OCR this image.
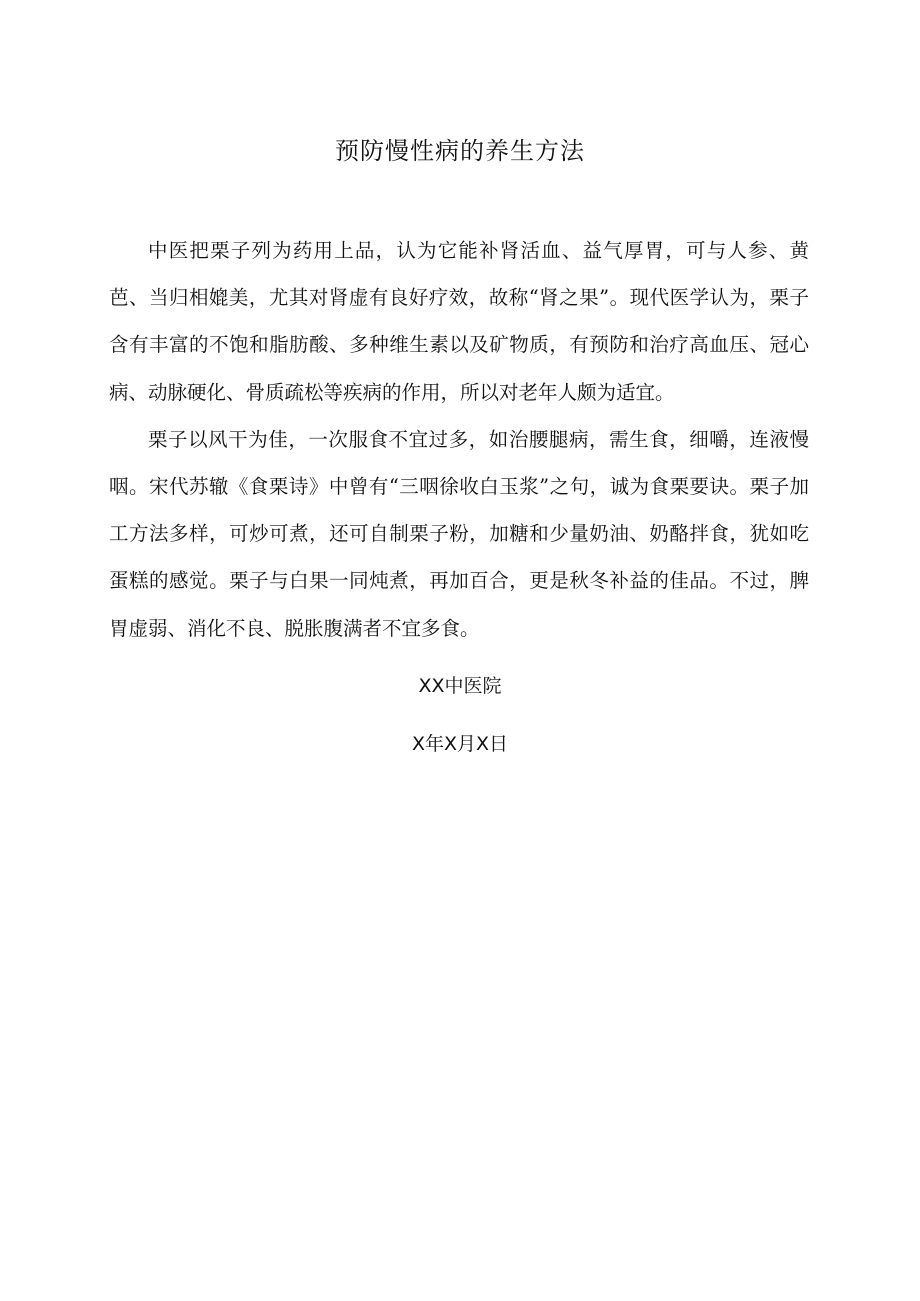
预防慢性病的养生方法

中医把栗子列为药用上品，认为它能补肾活血、益气厚胃，可与人参、黄芭、当归相媲美，尤其对肾虚有良好疗效，故称“肾之果”。现代医学认为，栗子含有丰富的不饱和脂肪酸、多种维生素以及矿物质，有预防和治疗高血压、冠心病、动脉硬化、骨质疏松等疾病的作用，所以对老年人颇为适宜。

栗子以风干为佳，一次服食不宜过多，如治腰腿病，需生食，细嚼，连液慢咽。宋代苏辙《食栗诗》中曾有“三咽徐收白玉浆”之句，诚为食栗要诀。栗子加工方法多样，可炒可煮，还可自制栗子粉，加糖和少量奶油、奶酪拌食，犹如吃蛋糕的感觉。栗子与白果一同炖煮，再加百合，更是秋冬补益的佳品。不过，脾胃虚弱、消化不良、脱胀腹满者不宜多食。

XX中医院

X年X月X日
